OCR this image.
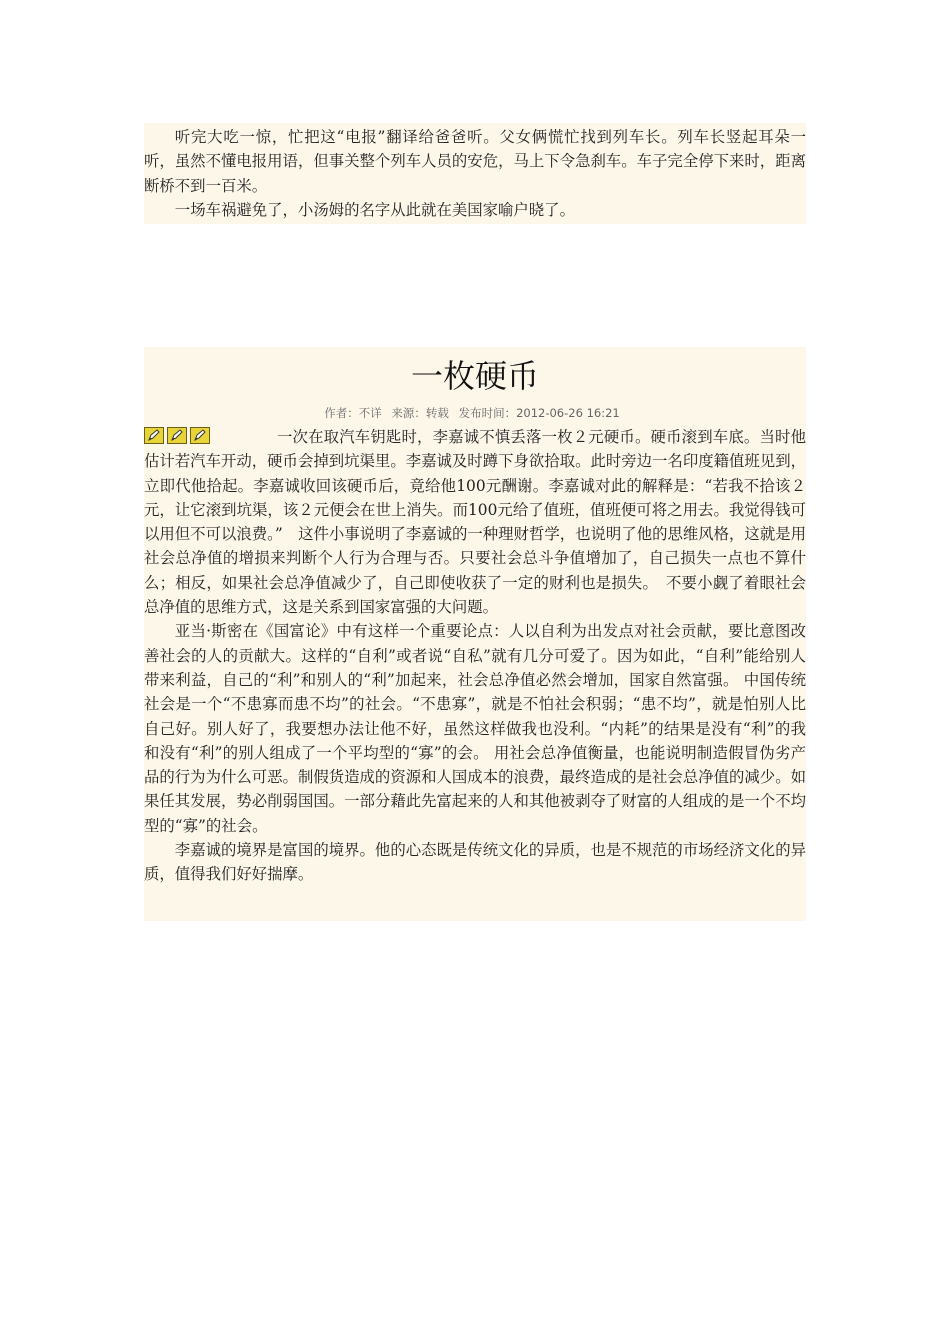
听完大吃一惊，忙把这“电报”翻译给爸爸听。父女俩慌忙找到列车长。列车长竖起耳朵一听，虽然不懂电报用语，但事关整个列车人员的安危，马上下令急刹车。车子完全停下来时，距离断桥不到一百米。

一场车祸避免了，小汤姆的名字从此就在美国家喻户晓了。

一枚硬币
作者：不详 来源：转载 发布时间：2012-06-26 16:21

一次在取汽车钥匙时，李嘉诚不慎丢落一枚２元硬币。硬币滚到车底。当时他估计若汽车开动，硬币会掉到坑渠里。李嘉诚及时蹲下身欲拾取。此时旁边一名印度籍值班见到，立即代他拾起。李嘉诚收回该硬币后，竟给他100元酬谢。李嘉诚对此的解释是：“若我不拾该２元，让它滚到坑渠，该２元便会在世上消失。而100元给了值班，值班便可将之用去。我觉得钱可以用但不可以浪费。”　这件小事说明了李嘉诚的一种理财哲学，也说明了他的思维风格，这就是用社会总净值的增损来判断个人行为合理与否。只要社会总斗争值增加了，自己损失一点也不算什么；相反，如果社会总净值减少了，自己即使收获了一定的财利也是损失。　不要小觑了着眼社会总净值的思维方式，这是关系到国家富强的大问题。

亚当·斯密在《国富论》中有这样一个重要论点：人以自利为出发点对社会贡献，要比意图改善社会的人的贡献大。这样的“自利”或者说“自私”就有几分可爱了。因为如此，“自利”能给别人带来利益，自己的“利”和别人的“利”加起来，社会总净值必然会增加，国家自然富强。 中国传统社会是一个“不患寡而患不均”的社会。“不患寡”，就是不怕社会积弱；“患不均”，就是怕别人比自己好。别人好了，我要想办法让他不好，虽然这样做我也没利。“内耗”的结果是没有“利”的我和没有“利”的别人组成了一个平均型的“寡”的会。 用社会总净值衡量，也能说明制造假冒伪劣产品的行为为什么可恶。制假货造成的资源和人国成本的浪费，最终造成的是社会总净值的减少。如果任其发展，势必削弱国国。一部分藉此先富起来的人和其他被剥夺了财富的人组成的是一个不均型的“寡”的社会。

李嘉诚的境界是富国的境界。他的心态既是传统文化的异质，也是不规范的市场经济文化的异质，值得我们好好揣摩。
